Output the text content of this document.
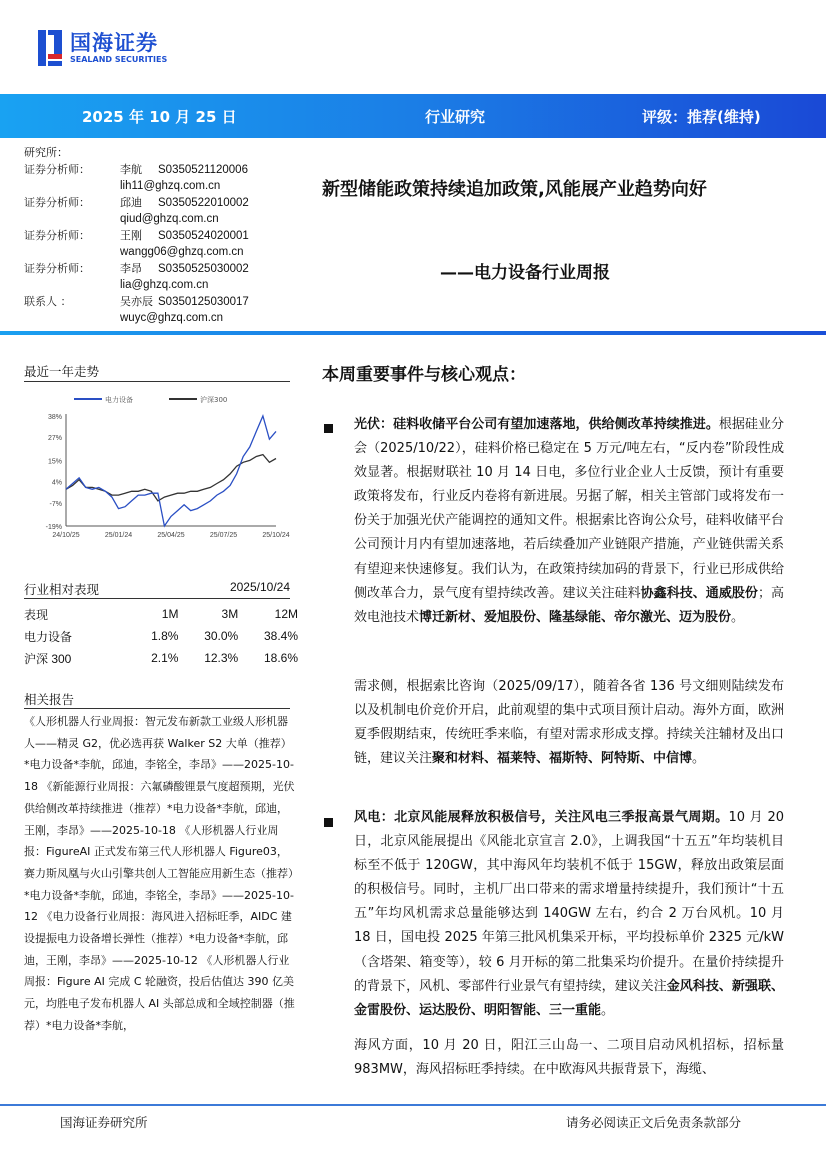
国海证券
SEALAND SECURITIES
2025 年 10 月 25 日	行业研究	评级：推荐(维持)
研究所：
证券分析师：	李航	S0350521120006
lih11@ghzq.com.cn
证券分析师：	邱迪	S0350522010002
qiud@ghzq.com.cn
证券分析师：	王刚	S0350524020001
wangg06@ghzq.com.cn
证券分析师：	李昂	S0350525030002
lia@ghzq.com.cn
联系人 ：	吴亦辰 S0350125030017
wuyc@ghzq.com.cn
新型储能政策持续追加政策,风能展产业趋势向好
——电力设备行业周报
最近一年走势
38%
27%
15%
4%
-7%
-19%
24/10/25	25/01/24	25/04/25	25/07/25	25/10/24
电力设备	沪深300
行业相对表现	2025/10/24
表现	1M	3M	12M
电力设备	1.8%	30.0%	38.4%
沪深 300	2.1%	12.3%	18.6%
相关报告
《人形机器人行业周报：智元发布新款工业级人形机器人——精灵 G2，优必选再获 Walker S2 大单（推荐）*电力设备*李航，邱迪，李铭全，李昂》——2025-10-18 《新能源行业周报：六氟磷酸锂景气度超预期，光伏供给侧改革持续推进（推荐）*电力设备*李航，邱迪，王刚，李昂》——2025-10-18 《人形机器人行业周报：FigureAI 正式发布第三代人形机器人 Figure03，赛力斯凤凰与火山引擎共创人工智能应用新生态（推荐）*电力设备*李航，邱迪，李铭全，李昂》——2025-10-12 《电力设备行业周报：海风进入招标旺季，AIDC 建设提振电力设备增长弹性（推荐）*电力设备*李航，邱迪，王刚，李昂》——2025-10-12 《人形机器人行业周报：Figure AI 完成 C 轮融资，投后估值达 390 亿美元，均胜电子发布机器人 AI 头部总成和全域控制器（推荐）*电力设备*李航，
本周重要事件与核心观点：
光伏：硅料收储平台公司有望加速落地，供给侧改革持续推进。根据硅业分会（2025/10/22），硅料价格已稳定在 5 万元/吨左右，“反内卷”阶段性成效显著。根据财联社 10 月 14 日电，多位行业企业人士反馈，预计有重要政策将发布，行业反内卷将有新进展。另据了解，相关主管部门或将发布一份关于加强光伏产能调控的通知文件。根据索比咨询公众号，硅料收储平台公司预计月内有望加速落地，若后续叠加产业链限产措施，产业链供需关系有望迎来快速修复。我们认为，在政策持续加码的背景下，行业已形成供给侧改革合力，景气度有望持续改善。建议关注硅料协鑫科技、通威股份；高效电池技术博迁新材、爱旭股份、隆基绿能、帝尔激光、迈为股份。
需求侧，根据索比咨询（2025/09/17），随着各省 136 号文细则陆续发布以及机制电价竞价开启，此前观望的集中式项目预计启动。海外方面，欧洲夏季假期结束，传统旺季来临，有望对需求形成支撑。持续关注辅材及出口链，建议关注聚和材料、福莱特、福斯特、阿特斯、中信博。
风电：北京风能展释放积极信号，关注风电三季报高景气周期。10 月 20 日，北京风能展提出《风能北京宣言 2.0》，上调我国“十五五”年均装机目标至不低于 120GW，其中海风年均装机不低于 15GW，释放出政策层面的积极信号。同时，主机厂出口带来的需求增量持续提升，我们预计“十五五”年均风机需求总量能够达到 140GW 左右，约合 2 万台风机。10 月 18 日，国电投 2025 年第三批风机集采开标，平均投标单价 2325 元/kW（含塔架、箱变等），较 6 月开标的第二批集采均价提升。在量价持续提升的背景下，风机、零部件行业景气有望持续，建议关注金风科技、新强联、金雷股份、运达股份、明阳智能、三一重能。
海风方面，10 月 20 日，阳江三山岛一、二项目启动风机招标，招标量 983MW，海风招标旺季持续。在中欧海风共振背景下，海缆、
国海证券研究所	请务必阅读正文后免责条款部分
